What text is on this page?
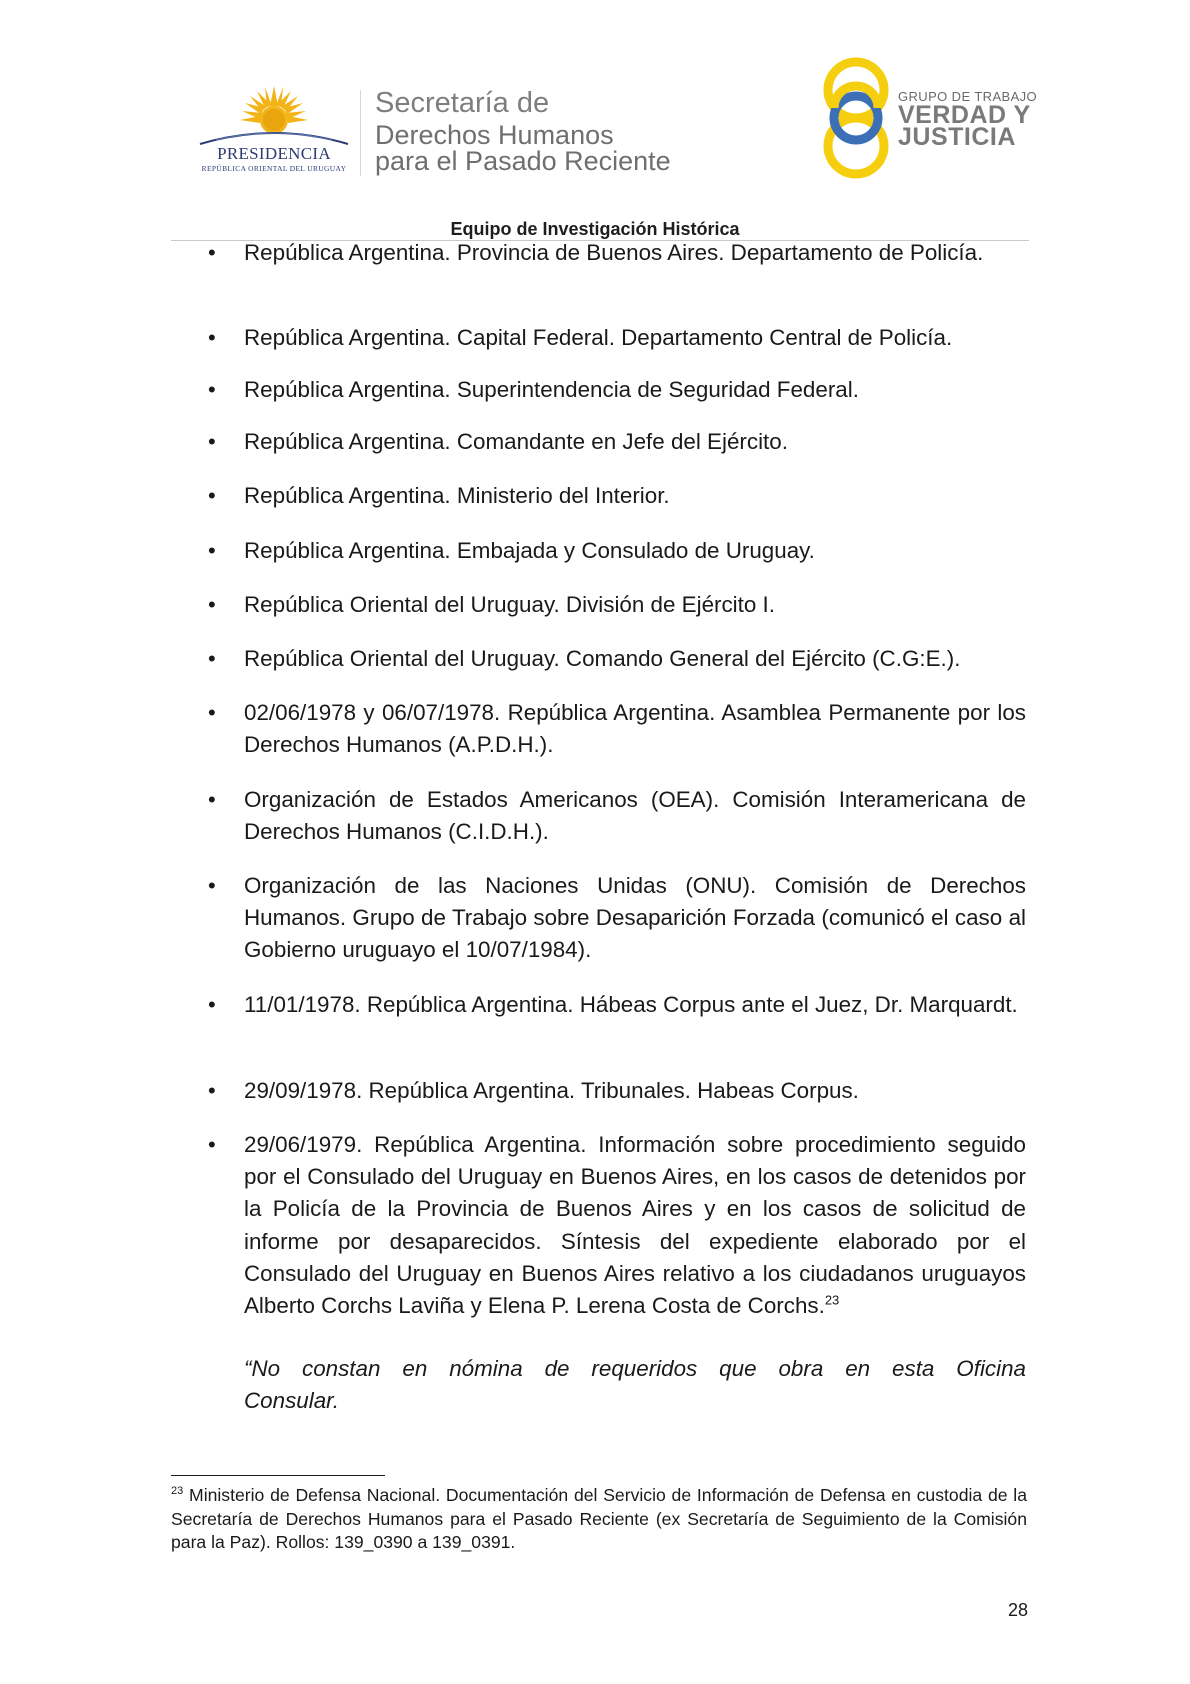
PRESIDENCIA
REPÚBLICA ORIENTAL DEL URUGUAY
Secretaría de
Derechos Humanos
para el Pasado Reciente
GRUPO DE TRABAJO
VERDAD Y
JUSTICIA
Equipo de Investigación Histórica
• República Argentina. Provincia de Buenos Aires. Departamento de Policía.
• República Argentina. Capital Federal. Departamento Central de Policía.
• República Argentina. Superintendencia de Seguridad Federal.
• República Argentina. Comandante en Jefe del Ejército.
• República Argentina. Ministerio del Interior.
• República Argentina. Embajada y Consulado de Uruguay.
• República Oriental del Uruguay. División de Ejército I.
• República Oriental del Uruguay. Comando General del Ejército (C.G:E.).
• 02/06/1978 y 06/07/1978. República Argentina. Asamblea Permanente por los Derechos Humanos (A.P.D.H.).
• Organización de Estados Americanos (OEA). Comisión Interamericana de Derechos Humanos (C.I.D.H.).
• Organización de las Naciones Unidas (ONU). Comisión de Derechos Humanos. Grupo de Trabajo sobre Desaparición Forzada (comunicó el caso al Gobierno uruguayo el 10/07/1984).
• 11/01/1978. República Argentina. Hábeas Corpus ante el Juez, Dr. Marquardt.
• 29/09/1978. República Argentina. Tribunales. Habeas Corpus.
• 29/06/1979. República Argentina. Información sobre procedimiento seguido por el Consulado del Uruguay en Buenos Aires, en los casos de detenidos por la Policía de la Provincia de Buenos Aires y en los casos de solicitud de informe por desaparecidos. Síntesis del expediente elaborado por el Consulado del Uruguay en Buenos Aires relativo a los ciudadanos uruguayos Alberto Corchs Laviña y Elena P. Lerena Costa de Corchs.$^{23}$
“No constan en nómina de requeridos que obra en esta Oficina
Consular.
$^{23}$ Ministerio de Defensa Nacional. Documentación del Servicio de Información de Defensa en custodia de la Secretaría de Derechos Humanos para el Pasado Reciente (ex Secretaría de Seguimiento de la Comisión para la Paz). Rollos: 139_0390 a 139_0391.
28
